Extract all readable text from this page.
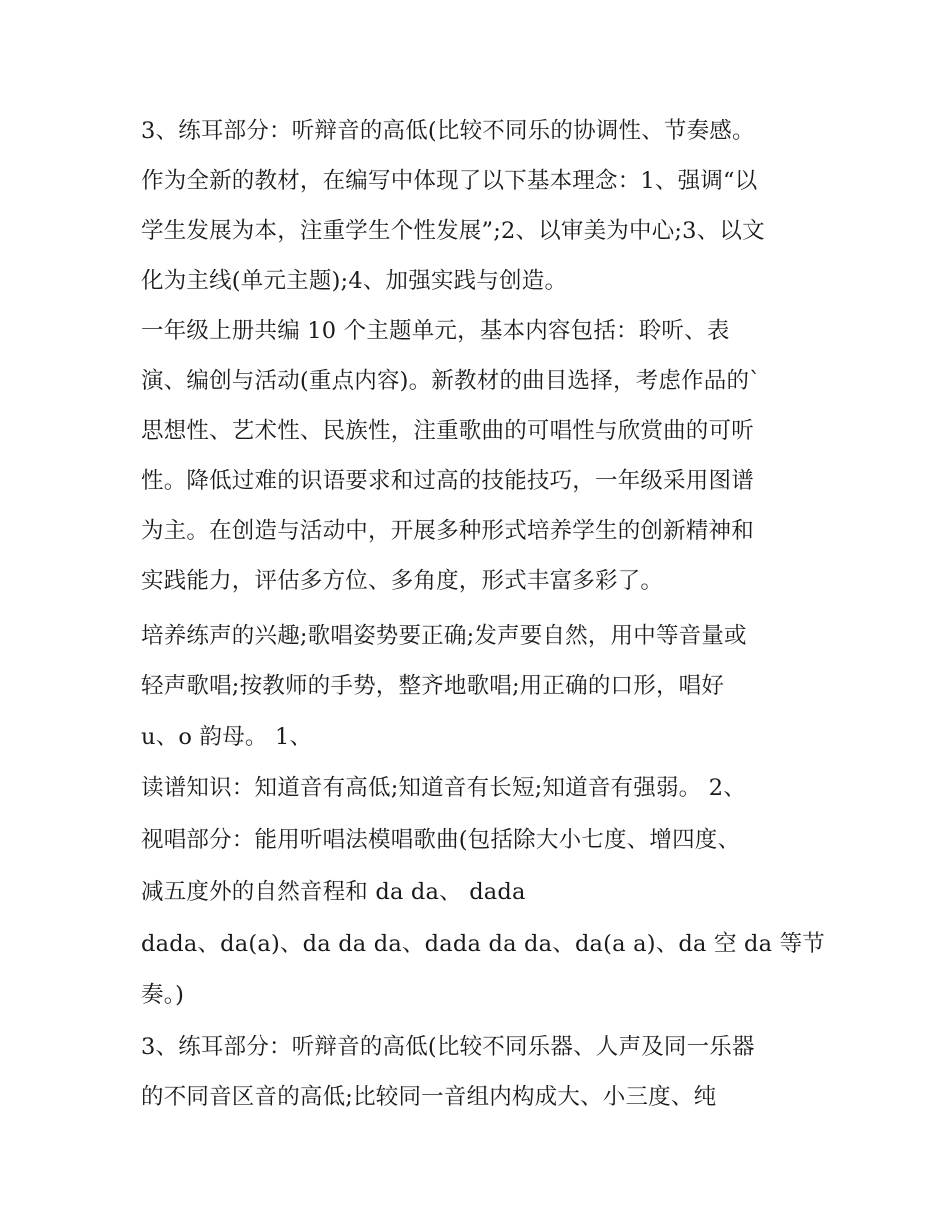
3、练耳部分：听辩音的高低(比较不同乐的协调性、节奏感。
作为全新的教材，在编写中体现了以下基本理念：1、强调“以
学生发展为本，注重学生个性发展”;2、以审美为中心;3、以文
化为主线(单元主题);4、加强实践与创造。
一年级上册共编 10 个主题单元，基本内容包括：聆听、表
演、编创与活动(重点内容)。新教材的曲目选择，考虑作品的`
思想性、艺术性、民族性，注重歌曲的可唱性与欣赏曲的可听
性。降低过难的识语要求和过高的技能技巧，一年级采用图谱
为主。在创造与活动中，开展多种形式培养学生的创新精神和
实践能力，评估多方位、多角度，形式丰富多彩了。
培养练声的兴趣;歌唱姿势要正确;发声要自然，用中等音量或
轻声歌唱;按教师的手势，整齐地歌唱;用正确的口形，唱好
u、o 韵母。 1、
读谱知识：知道音有高低;知道音有长短;知道音有强弱。 2、
视唱部分：能用听唱法模唱歌曲(包括除大小七度、增四度、
减五度外的自然音程和 da da、 dada
dada、da(a)、da da da、dada da da、da(a a)、da 空 da 等节
奏。)
3、练耳部分：听辩音的高低(比较不同乐器、人声及同一乐器
的不同音区音的高低;比较同一音组内构成大、小三度、纯
